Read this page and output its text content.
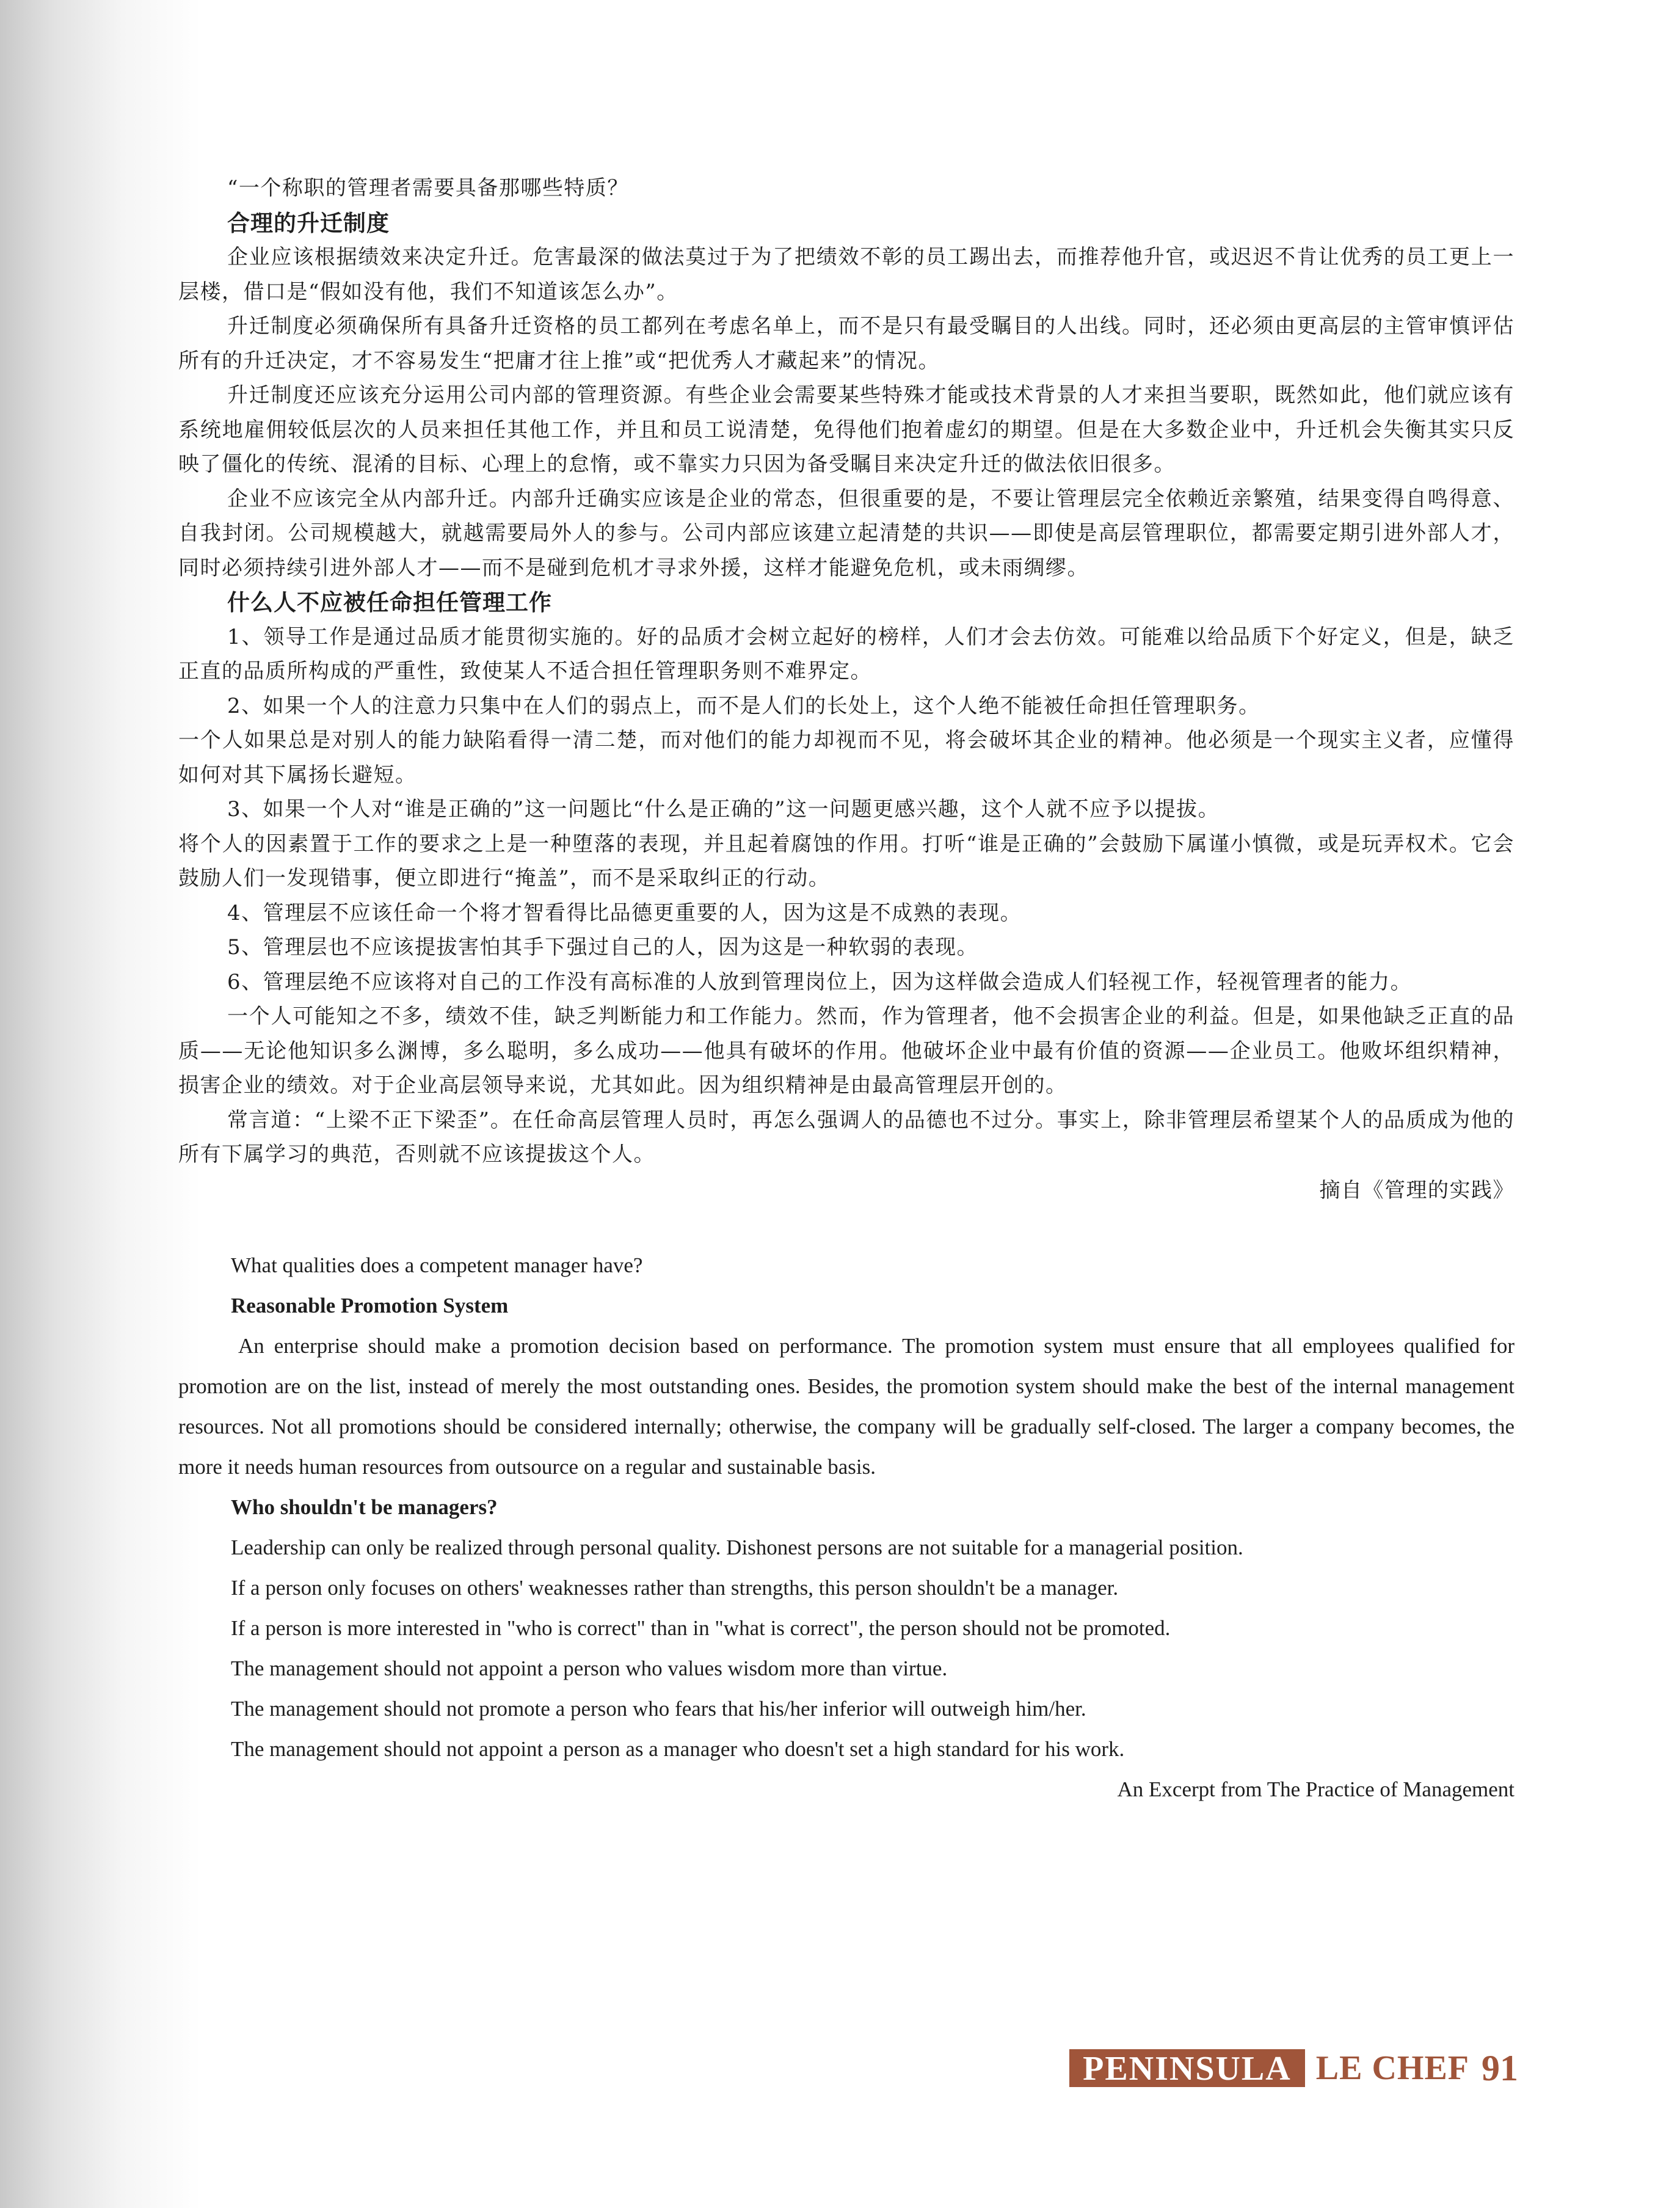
“一个称职的管理者需要具备那哪些特质？

合理的升迁制度

企业应该根据绩效来决定升迁。危害最深的做法莫过于为了把绩效不彰的员工踢出去，而推荐他升官，或迟迟不肯让优秀的员工更上一层楼，借口是“假如没有他，我们不知道该怎么办”。

升迁制度必须确保所有具备升迁资格的员工都列在考虑名单上，而不是只有最受瞩目的人出线。同时，还必须由更高层的主管审慎评估所有的升迁决定，才不容易发生“把庸才往上推”或“把优秀人才藏起来”的情况。

升迁制度还应该充分运用公司内部的管理资源。有些企业会需要某些特殊才能或技术背景的人才来担当要职，既然如此，他们就应该有系统地雇佣较低层次的人员来担任其他工作，并且和员工说清楚，免得他们抱着虚幻的期望。但是在大多数企业中，升迁机会失衡其实只反映了僵化的传统、混淆的目标、心理上的怠惰，或不靠实力只因为备受瞩目来决定升迁的做法依旧很多。

企业不应该完全从内部升迁。内部升迁确实应该是企业的常态，但很重要的是，不要让管理层完全依赖近亲繁殖，结果变得自鸣得意、自我封闭。公司规模越大，就越需要局外人的参与。公司内部应该建立起清楚的共识——即使是高层管理职位，都需要定期引进外部人才，同时必须持续引进外部人才——而不是碰到危机才寻求外援，这样才能避免危机，或未雨绸缪。

什么人不应被任命担任管理工作

1、领导工作是通过品质才能贯彻实施的。好的品质才会树立起好的榜样，人们才会去仿效。可能难以给品质下个好定义，但是，缺乏正直的品质所构成的严重性，致使某人不适合担任管理职务则不难界定。

2、如果一个人的注意力只集中在人们的弱点上，而不是人们的长处上，这个人绝不能被任命担任管理职务。

一个人如果总是对别人的能力缺陷看得一清二楚，而对他们的能力却视而不见，将会破坏其企业的精神。他必须是一个现实主义者，应懂得如何对其下属扬长避短。

3、如果一个人对“谁是正确的”这一问题比“什么是正确的”这一问题更感兴趣，这个人就不应予以提拔。

将个人的因素置于工作的要求之上是一种堕落的表现，并且起着腐蚀的作用。打听“谁是正确的”会鼓励下属谨小慎微，或是玩弄权术。它会鼓励人们一发现错事，便立即进行“掩盖”，而不是采取纠正的行动。

4、管理层不应该任命一个将才智看得比品德更重要的人，因为这是不成熟的表现。

5、管理层也不应该提拔害怕其手下强过自己的人，因为这是一种软弱的表现。

6、管理层绝不应该将对自己的工作没有高标准的人放到管理岗位上，因为这样做会造成人们轻视工作，轻视管理者的能力。

一个人可能知之不多，绩效不佳，缺乏判断能力和工作能力。然而，作为管理者，他不会损害企业的利益。但是，如果他缺乏正直的品质——无论他知识多么渊博，多么聪明，多么成功——他具有破坏的作用。他破坏企业中最有价值的资源——企业员工。他败坏组织精神，损害企业的绩效。对于企业高层领导来说，尤其如此。因为组织精神是由最高管理层开创的。

常言道：“上梁不正下梁歪”。在任命高层管理人员时，再怎么强调人的品德也不过分。事实上，除非管理层希望某个人的品质成为他的所有下属学习的典范，否则就不应该提拔这个人。

摘自《管理的实践》

What qualities does a competent manager have?

Reasonable Promotion System

An enterprise should make a promotion decision based on performance. The promotion system must ensure that all employees qualified for promotion are on the list, instead of merely the most outstanding ones. Besides, the promotion system should make the best of the internal management resources. Not all promotions should be considered internally; otherwise, the company will be gradually self-closed. The larger a company becomes, the more it needs human resources from outsource on a regular and sustainable basis.

Who shouldn't be managers?
Leadership can only be realized through personal quality. Dishonest persons are not suitable for a managerial position.
If a person only focuses on others' weaknesses rather than strengths, this person shouldn't be a manager.
If a person is more interested in "who is correct" than in "what is correct", the person should not be promoted.
The management should not appoint a person who values wisdom more than virtue.
The management should not promote a person who fears that his/her inferior will outweigh him/her.
The management should not appoint a person as a manager who doesn't set a high standard for his work.

An Excerpt from The Practice of Management

PENINSULA LE CHEF 91
